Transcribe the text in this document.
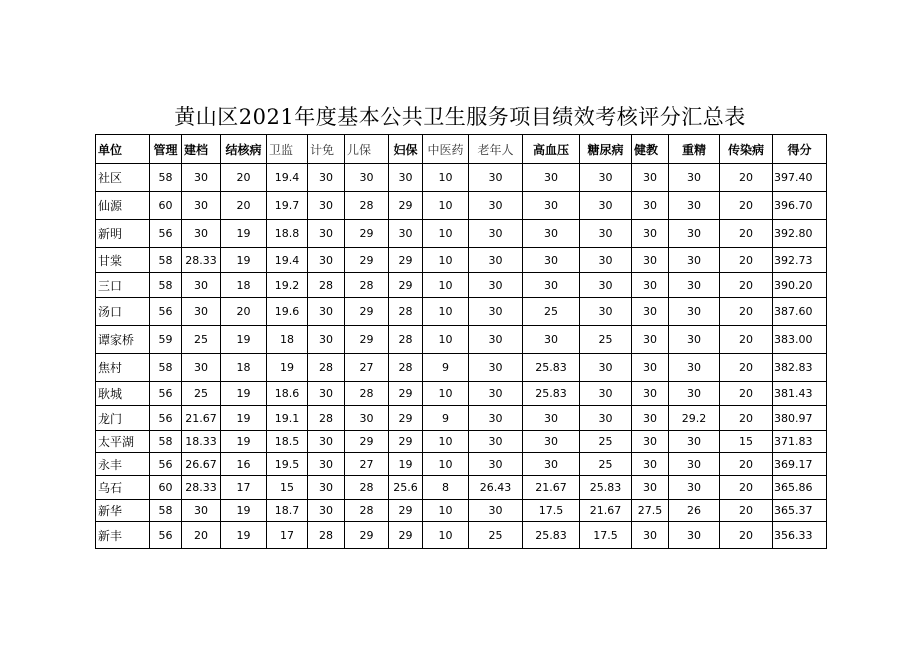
黄山区2021年度基本公共卫生服务项目绩效考核评分汇总表
单位	管理	建档	结核病	卫监	计免	儿保	妇保	中医药	老年人	高血压	糖尿病	健教	重精	传染病	得分
社区	58	30	20	19.4	30	30	30	10	30	30	30	30	30	20	397.40
仙源	60	30	20	19.7	30	28	29	10	30	30	30	30	30	20	396.70
新明	56	30	19	18.8	30	29	30	10	30	30	30	30	30	20	392.80
甘棠	58	28.33	19	19.4	30	29	29	10	30	30	30	30	30	20	392.73
三口	58	30	18	19.2	28	28	29	10	30	30	30	30	30	20	390.20
汤口	56	30	20	19.6	30	29	28	10	30	25	30	30	30	20	387.60
谭家桥	59	25	19	18	30	29	28	10	30	30	25	30	30	20	383.00
焦村	58	30	18	19	28	27	28	9	30	25.83	30	30	30	20	382.83
耿城	56	25	19	18.6	30	28	29	10	30	25.83	30	30	30	20	381.43
龙门	56	21.67	19	19.1	28	30	29	9	30	30	30	30	29.2	20	380.97
太平湖	58	18.33	19	18.5	30	29	29	10	30	30	25	30	30	15	371.83
永丰	56	26.67	16	19.5	30	27	19	10	30	30	25	30	30	20	369.17
乌石	60	28.33	17	15	30	28	25.6	8	26.43	21.67	25.83	30	30	20	365.86
新华	58	30	19	18.7	30	28	29	10	30	17.5	21.67	27.5	26	20	365.37
新丰	56	20	19	17	28	29	29	10	25	25.83	17.5	30	30	20	356.33
